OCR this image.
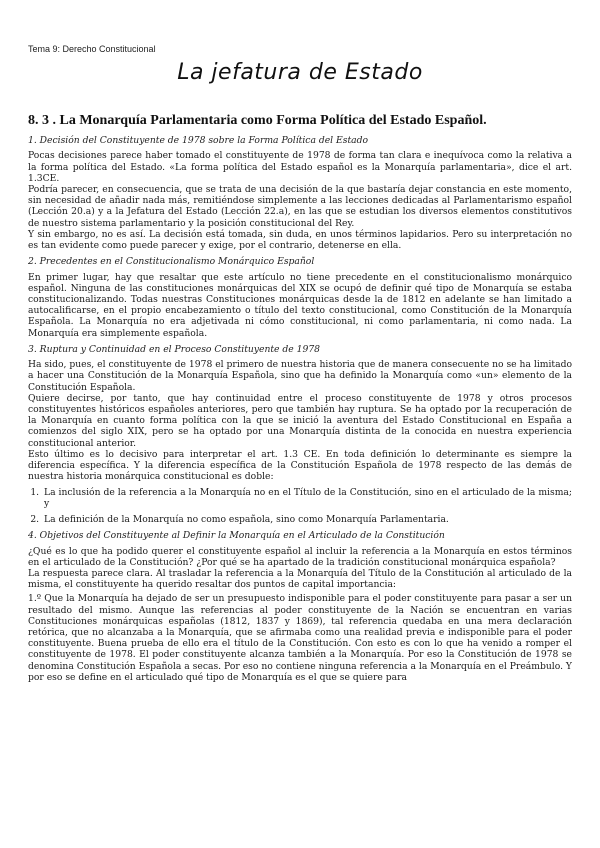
Tema 9: Derecho Constitucional
La jefatura de Estado
8. 3 . La Monarquía Parlamentaria como Forma Política del Estado Español.
1. Decisión del Constituyente de 1978 sobre la Forma Política del Estado

Pocas decisiones parece haber tomado el constituyente de 1978 de forma tan clara e inequívoca como la relativa a la forma política del Estado. «La forma política del Estado español es la Monarquía parlamentaria», dice el art. 1.3CE.

Podría parecer, en consecuencia, que se trata de una decisión de la que bastaría dejar constancia en este momento, sin necesidad de añadir nada más, remitiéndose simplemente a las lecciones dedicadas al Parlamentarismo español (Lección 20.a) y a la Jefatura del Estado (Lección 22.a), en las que se estudian los diversos elementos constitutivos de nuestro sistema parlamentario y la posición constitucional del Rey.

Y sin embargo, no es así. La decisión está tomada, sin duda, en unos términos lapidarios. Pero su interpretación no es tan evidente como puede parecer y exige, por el contrario, detenerse en ella.

2. Precedentes en el Constitucionalismo Monárquico Español

En primer lugar, hay que resaltar que este artículo no tiene precedente en el constitucionalismo monárquico español. Ninguna de las constituciones monárquicas del XIX se ocupó de definir qué tipo de Monarquía se estaba constitucionalizando. Todas nuestras Constituciones monárquicas desde la de 1812 en adelante se han limitado a autocalificarse, en el propio encabezamiento o título del texto constitucional, como Constitución de la Monarquía Española. La Monarquía no era adjetivada ni cómo constitucional, ni como parlamentaria, ni como nada. La Monarquía era simplemente española.

3. Ruptura y Continuidad en el Proceso Constituyente de 1978

Ha sido, pues, el constituyente de 1978 el primero de nuestra historia que de manera consecuente no se ha limitado a hacer una Constitución de la Monarquía Española, sino que ha definido la Monarquía como «un» elemento de la Constitución Española.

Quiere decirse, por tanto, que hay continuidad entre el proceso constituyente de 1978 y otros procesos constituyentes históricos españoles anteriores, pero que también hay ruptura. Se ha optado por la recuperación de la Monarquía en cuanto forma política con la que se inició la aventura del Estado Constitucional en España a comienzos del siglo XIX, pero se ha optado por una Monarquía distinta de la conocida en nuestra experiencia constitucional anterior.

Esto último es lo decisivo para interpretar el art. 1.3 CE. En toda definición lo determinante es siempre la diferencia específica. Y la diferencia específica de la Constitución Española de 1978 respecto de las demás de nuestra historia monárquica constitucional es doble:

1. La inclusión de la referencia a la Monarquía no en el Título de la Constitución, sino en el articulado de la misma; y
2. La definición de la Monarquía no como española, sino como Monarquía Parlamentaria.
4. Objetivos del Constituyente al Definir la Monarquía en el Articulado de la Constitución

¿Qué es lo que ha podido querer el constituyente español al incluir la referencia a la Monarquía en estos términos en el articulado de la Constitución? ¿Por qué se ha apartado de la tradición constitucional monárquica española?

La respuesta parece clara. Al trasladar la referencia a la Monarquía del Título de la Constitución al articulado de la misma, el constituyente ha querido resaltar dos puntos de capital importancia:

1.º Que la Monarquía ha dejado de ser un presupuesto indisponible para el poder constituyente para pasar a ser un resultado del mismo. Aunque las referencias al poder constituyente de la Nación se encuentran en varias Constituciones monárquicas españolas (1812, 1837 y 1869), tal referencia quedaba en una mera declaración retórica, que no alcanzaba a la Monarquía, que se afirmaba como una realidad previa e indisponible para el poder constituyente. Buena prueba de ello era el título de la Constitución. Con esto es con lo que ha venido a romper el constituyente de 1978. El poder constituyente alcanza también a la Monarquía. Por eso la Constitución de 1978 se denomina Constitución Española a secas. Por eso no contiene ninguna referencia a la Monarquía en el Preámbulo. Y por eso se define en el articulado qué tipo de Monarquía es el que se quiere para
